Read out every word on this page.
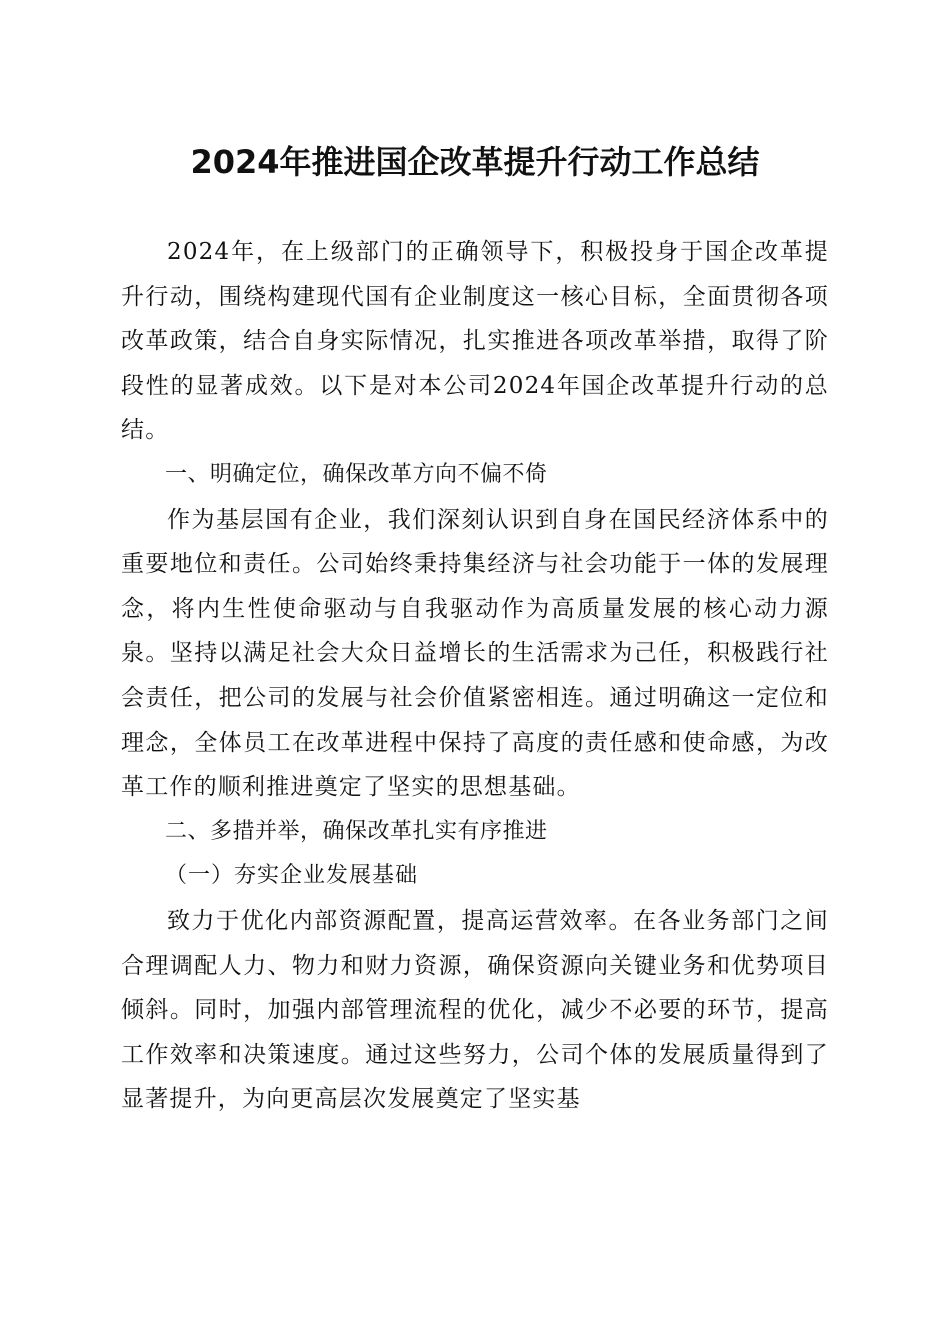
2024年推进国企改革提升行动工作总结

2024年，在上级部门的正确领导下，积极投身于国企改革提升行动，围绕构建现代国有企业制度这一核心目标，全面贯彻各项改革政策，结合自身实际情况，扎实推进各项改革举措，取得了阶段性的显著成效。以下是对本公司2024年国企改革提升行动的总结。

一、明确定位，确保改革方向不偏不倚

作为基层国有企业，我们深刻认识到自身在国民经济体系中的重要地位和责任。公司始终秉持集经济与社会功能于一体的发展理念，将内生性使命驱动与自我驱动作为高质量发展的核心动力源泉。坚持以满足社会大众日益增长的生活需求为己任，积极践行社会责任，把公司的发展与社会价值紧密相连。通过明确这一定位和理念，全体员工在改革进程中保持了高度的责任感和使命感，为改革工作的顺利推进奠定了坚实的思想基础。

二、多措并举，确保改革扎实有序推进

（一）夯实企业发展基础

致力于优化内部资源配置，提高运营效率。在各业务部门之间合理调配人力、物力和财力资源，确保资源向关键业务和优势项目倾斜。同时，加强内部管理流程的优化，减少不必要的环节，提高工作效率和决策速度。通过这些努力，公司个体的发展质量得到了显著提升，为向更高层次发展奠定了坚实基
